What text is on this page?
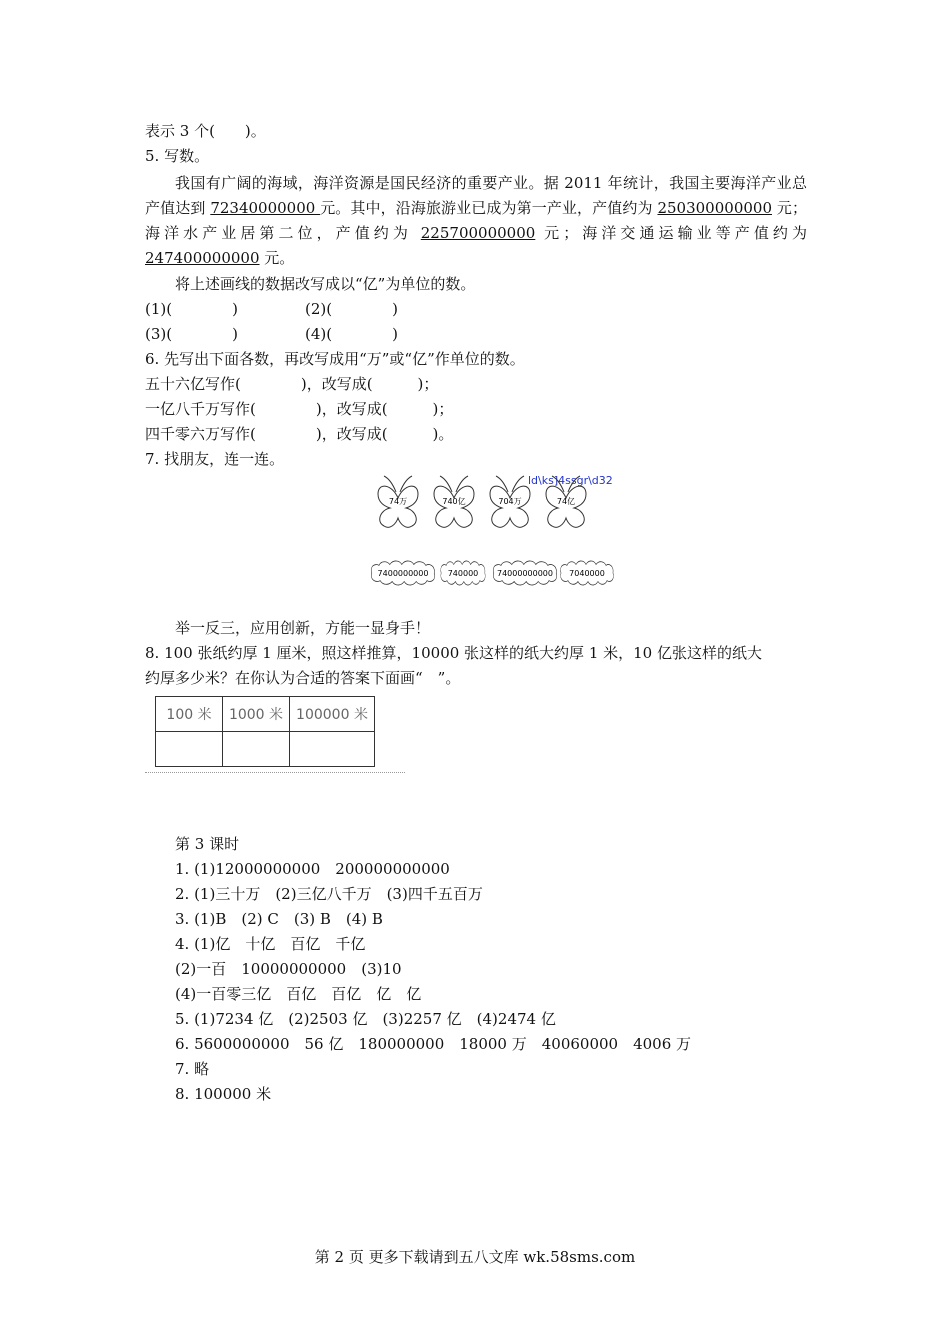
表示 3 个(　　)。
5. 写数。
我国有广阔的海域，海洋资源是国民经济的重要产业。据 2011 年统计，我国主要海洋产业总产值达到 72340000000 元。其中，沿海旅游业已成为第一产业，产值约为 250300000000 元；海洋水产业居第二位，产值约为 225700000000 元；海洋交通运输业等产值约为 247400000000 元。
将上述画线的数据改写成以“亿”为单位的数。
(1)(　　　　)	(2)(　　　　)
(3)(　　　　)	(4)(　　　　)
6. 先写出下面各数，再改写成用“万”或“亿”作单位的数。
五十六亿写作(　　　　)，改写成(　　　)；
一亿八千万写作(　　　　)，改写成(　　　)；
四千零六万写作(　　　　)，改写成(　　　)。
7. 找朋友，连一连。
ld\ks]4ssgr\d32
74万	740亿	704万	74亿
7400000000 740000 74000000000 7040000
举一反三，应用创新，方能一显身手！
8. 100 张纸约厚 1 厘米，照这样推算，10000 张这样的纸大约厚 1 米，10 亿张这样的纸大
约厚多少米？在你认为合适的答案下面画“　”。
100 米	1000 米	100000 米

第 3 课时
1. (1)12000000000　200000000000
2. (1)三十万　(2)三亿八千万　(3)四千五百万
3. (1)B　(2) C　(3) B　(4) B
4. (1)亿　十亿　百亿　千亿
(2)一百　10000000000　(3)10
(4)一百零三亿　百亿　百亿　亿　亿
5. (1)7234 亿　(2)2503 亿　(3)2257 亿　(4)2474 亿
6. 5600000000　56 亿　180000000　18000 万　40060000　4006 万
7. 略
8. 100000 米
第 2 页 更多下载请到五八文库 wk.58sms.com
